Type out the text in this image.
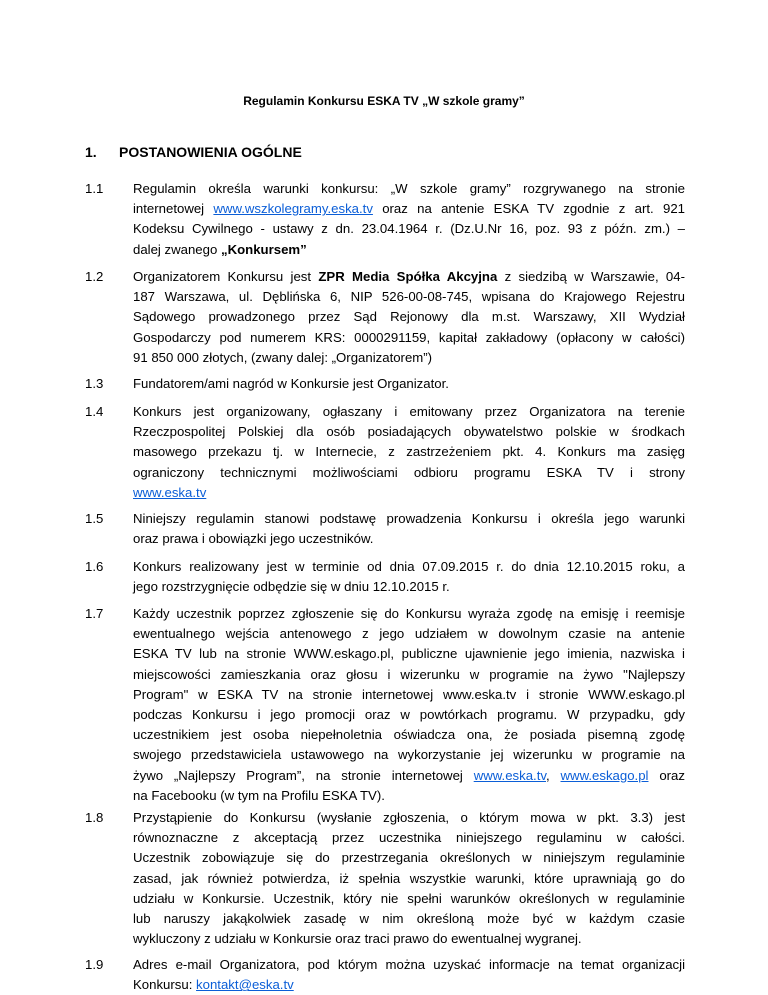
Regulamin Konkursu ESKA TV „W szkole gramy”
1. POSTANOWIENIA OGÓLNE
1.1	Regulamin określa warunki konkursu: „W szkole gramy” rozgrywanego na stronie
internetowej www.wszkolegramy.eska.tv oraz na antenie ESKA TV zgodnie z art. 921
Kodeksu Cywilnego - ustawy z dn. 23.04.1964 r. (Dz.U.Nr 16, poz. 93 z późn. zm.) –
dalej zwanego „Konkursem”
1.2	Organizatorem Konkursu jest ZPR Media Spółka Akcyjna z siedzibą w Warszawie, 04-
187 Warszawa, ul. Dęblińska 6, NIP 526-00-08-745, wpisana do Krajowego Rejestru
Sądowego prowadzonego przez Sąd Rejonowy dla m.st. Warszawy, XII Wydział
Gospodarczy pod numerem KRS: 0000291159, kapitał zakładowy (opłacony w całości)
91 850 000 złotych, (zwany dalej: „Organizatorem”)
1.3	Fundatorem/ami nagród w Konkursie jest Organizator.
1.4	Konkurs jest organizowany, ogłaszany i emitowany przez Organizatora na terenie
Rzeczpospolitej Polskiej dla osób posiadających obywatelstwo polskie w środkach
masowego przekazu tj. w Internecie, z zastrzeżeniem pkt. 4. Konkurs ma zasięg
ograniczony technicznymi możliwościami odbioru programu ESKA TV i strony
www.eska.tv
1.5	Niniejszy regulamin stanowi podstawę prowadzenia Konkursu i określa jego warunki
oraz prawa i obowiązki jego uczestników.
1.6	Konkurs realizowany jest w terminie od dnia 07.09.2015 r. do dnia 12.10.2015 roku, a
jego rozstrzygnięcie odbędzie się w dniu 12.10.2015 r.
1.7	Każdy uczestnik poprzez zgłoszenie się do Konkursu wyraża zgodę na emisję i reemisje
ewentualnego wejścia antenowego z jego udziałem w dowolnym czasie na antenie
ESKA TV lub na stronie WWW.eskago.pl, publiczne ujawnienie jego imienia, nazwiska i
miejscowości zamieszkania oraz głosu i wizerunku w programie na żywo "Najlepszy
Program" w ESKA TV na stronie internetowej www.eska.tv i stronie WWW.eskago.pl
podczas Konkursu i jego promocji oraz w powtórkach programu. W przypadku, gdy
uczestnikiem jest osoba niepełnoletnia oświadcza ona, że posiada pisemną zgodę
swojego przedstawiciela ustawowego na wykorzystanie jej wizerunku w programie na
żywo „Najlepszy Program”, na stronie internetowej www.eska.tv, www.eskago.pl oraz
na Facebooku (w tym na Profilu ESKA TV).
1.8	Przystąpienie do Konkursu (wysłanie zgłoszenia, o którym mowa w pkt. 3.3) jest
równoznaczne z akceptacją przez uczestnika niniejszego regulaminu w całości.
Uczestnik zobowiązuje się do przestrzegania określonych w niniejszym regulaminie
zasad, jak również potwierdza, iż spełnia wszystkie warunki, które uprawniają go do
udziału w Konkursie. Uczestnik, który nie spełni warunków określonych w regulaminie
lub naruszy jakąkolwiek zasadę w nim określoną może być w każdym czasie
wykluczony z udziału w Konkursie oraz traci prawo do ewentualnej wygranej.
1.9	Adres e-mail Organizatora, pod którym można uzyskać informacje na temat organizacji
Konkursu: kontakt@eska.tv
